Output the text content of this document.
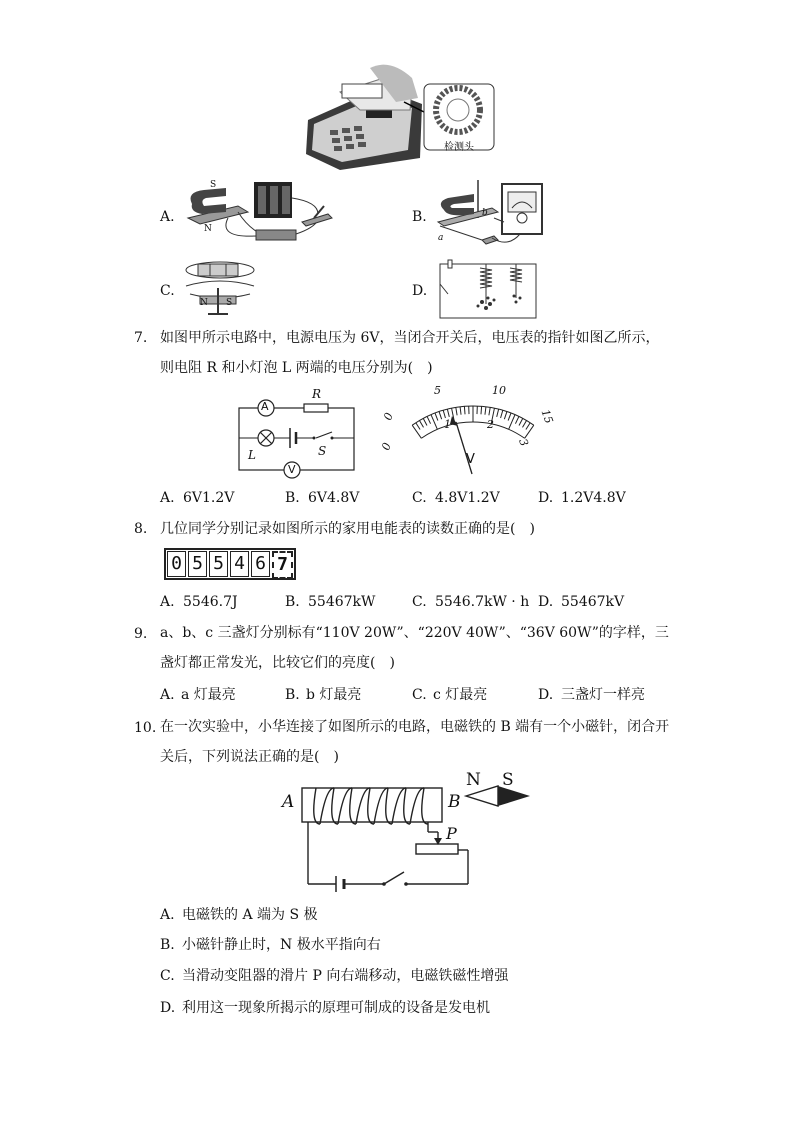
检测头
A.
S
N
B.
a
b
C.
N S
D.
7. 如图甲所示电路中，电源电压为 6V，当闭合开关后，电压表的指针如图乙所示，
则电阻 R 和小灯泡 L 两端的电压分别为(　)
A
R
L	S
V
0
5	10
15
0
1	2
3
V
A. 6V1.2V	B. 6V4.8V	C. 4.8V1.2V	D. 1.2V4.8V
8. 几位同学分别记录如图所示的家用电能表的读数正确的是(　)
0 5 5 4 6 7
A. 5546.7J	B. 55467kW	C. 5546.7kW · h D. 55467kV
9. a、b、c 三盏灯分别标有“110V 20W”、“220V 40W”、“36V 60W”的字样，三
盏灯都正常发光，比较它们的亮度(　)
A. a 灯最亮	B. b 灯最亮	C. c 灯最亮	D. 三盏灯一样亮
10. 在一次实验中，小华连接了如图所示的电路，电磁铁的 B 端有一个小磁针，闭合开
关后，下列说法正确的是(　)
A	B
N S
P
A. 电磁铁的 A 端为 S 极
B. 小磁针静止时，N 极水平指向右
C. 当滑动变阻器的滑片 P 向右端移动，电磁铁磁性增强
D. 利用这一现象所揭示的原理可制成的设备是发电机
